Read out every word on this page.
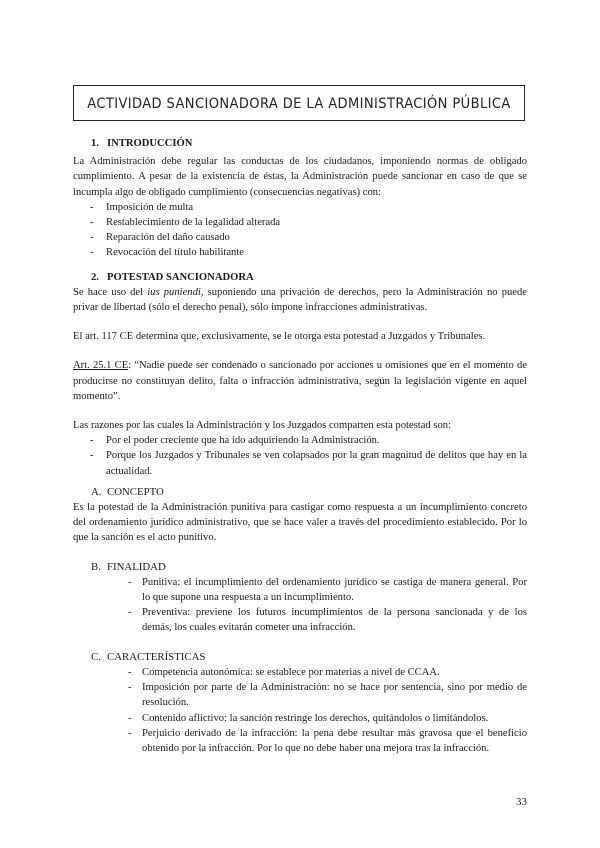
ACTIVIDAD SANCIONADORA DE LA ADMINISTRACIÓN PÚBLICA

1. INTRODUCCIÓN

La Administración debe regular las conductas de los ciudadanos, imponiendo normas de obligado cumplimiento. A pesar de la existencia de éstas, la Administración puede sancionar en caso de que se incumpla algo de obligado cumplimiento (consecuencias negativas) con:

- Imposición de multa
- Restablecimiento de la legalidad alterada
- Reparación del daño causado
- Revocación del título habilitante

2. POTESTAD SANCIONADORA

Se hace uso del ius puniendi, suponiendo una privación de derechos, pero la Administración no puede privar de libertad (sólo el derecho penal), sólo impone infracciones administrativas.

El art. 117 CE determina que, exclusivamente, se le otorga esta potestad a Juzgados y Tribunales.

Art. 25.1 CE: “Nadie puede ser condenado o sancionado por acciones u omisiones que en el momento de producirse no constituyan delito, falta o infracción administrativa, según la legislación vigente en aquel momento”.

Las razones por las cuales la Administración y los Juzgados comparten esta potestad son:

- Por el poder creciente que ha ido adquiriendo la Administración.
- Porque los Juzgados y Tribunales se ven colapsados por la gran magnitud de delitos que hay en la actualidad.

A. CONCEPTO

Es la potestad de la Administración punitiva para castigar como respuesta a un incumplimiento concreto del ordenamiento jurídico administrativo, que se hace valer a través del procedimiento establecido. Por lo que la sanción es el acto punitivo.

B. FINALIDAD

- Punitiva: el incumplimiento del ordenamiento jurídico se castiga de manera general. Por lo que supone una respuesta a un incumplimiento.
- Preventiva: previene los futuros incumplimientos de la persona sancionada y de los demás, los cuales evitarán cometer una infracción.

C. CARACTERÍSTICAS

- Competencia autonómica: se establece por materias a nivel de CCAA.
- Imposición por parte de la Administración: no se hace por sentencia, sino por medio de resolución.
- Contenido aflictivo: la sanción restringe los derechos, quitándolos o limitándolos.
- Perjuicio derivado de la infracción: la pena debe resultar más gravosa que el beneficio obtenido por la infracción. Por lo que no debe haber una mejora tras la infracción.
33
